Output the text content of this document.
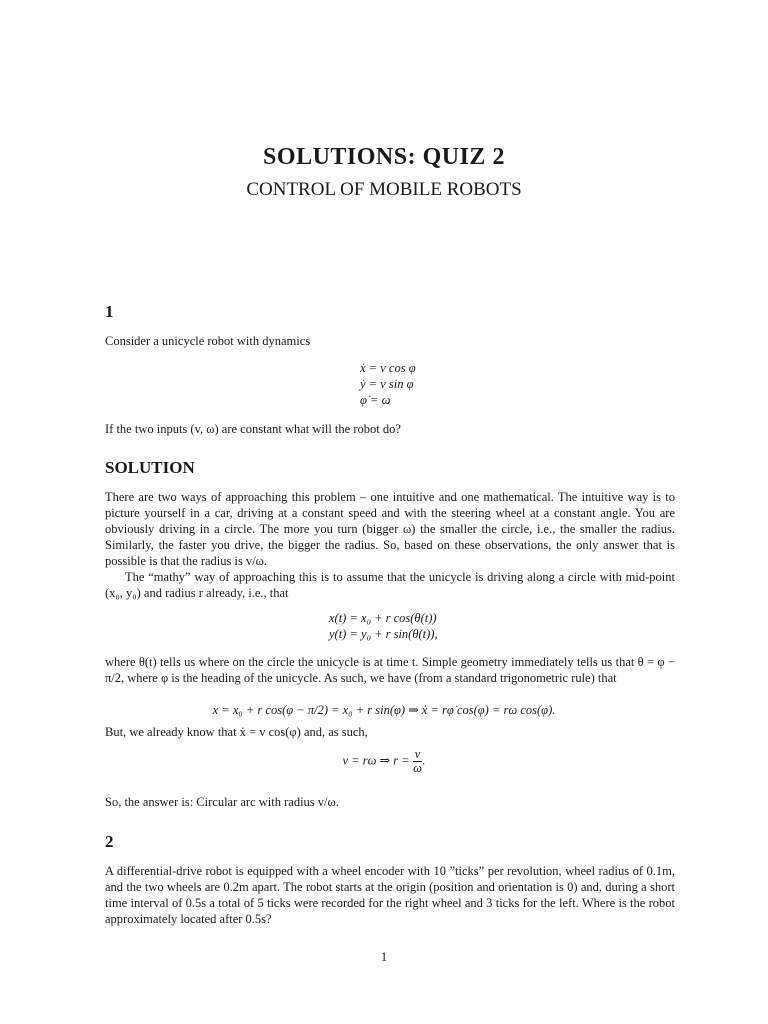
SOLUTIONS: QUIZ 2
CONTROL OF MOBILE ROBOTS
1
Consider a unicycle robot with dynamics
ẋ = v cos φ
ẏ = v sin φ
φ̇ = ω
If the two inputs (v, ω) are constant what will the robot do?
SOLUTION
There are two ways of approaching this problem – one intuitive and one mathematical. The intuitive way is to picture yourself in a car, driving at a constant speed and with the steering wheel at a constant angle. You are obviously driving in a circle. The more you turn (bigger ω) the smaller the circle, i.e., the smaller the radius. Similarly, the faster you drive, the bigger the radius. So, based on these observations, the only answer that is possible is that the radius is v/ω.
The “mathy” way of approaching this is to assume that the unicycle is driving along a circle with mid-point (x₀, y₀) and radius r already, i.e., that
x(t) = x₀ + r cos(θ(t))
y(t) = y₀ + r sin(θ(t)),
where θ(t) tells us where on the circle the unicycle is at time t. Simple geometry immediately tells us that θ = φ − π/2, where φ is the heading of the unicycle. As such, we have (from a standard trigonometric rule) that
x = x₀ + r cos(φ − π/2) = x₀ + r sin(φ) ⇒ ẋ = rφ̇ cos(φ) = rω cos(φ).
But, we already know that ẋ = v cos(φ) and, as such,
v = rω ⇒ $r = \frac{v}{\omega}$ .
So, the answer is: Circular arc with radius v/ω.
2
A differential-drive robot is equipped with a wheel encoder with 10 ”ticks” per revolution, wheel radius of 0.1m, and the two wheels are 0.2m apart. The robot starts at the origin (position and orientation is 0) and, during a short time interval of 0.5s a total of 5 ticks were recorded for the right wheel and 3 ticks for the left. Where is the robot approximately located after 0.5s?
1
